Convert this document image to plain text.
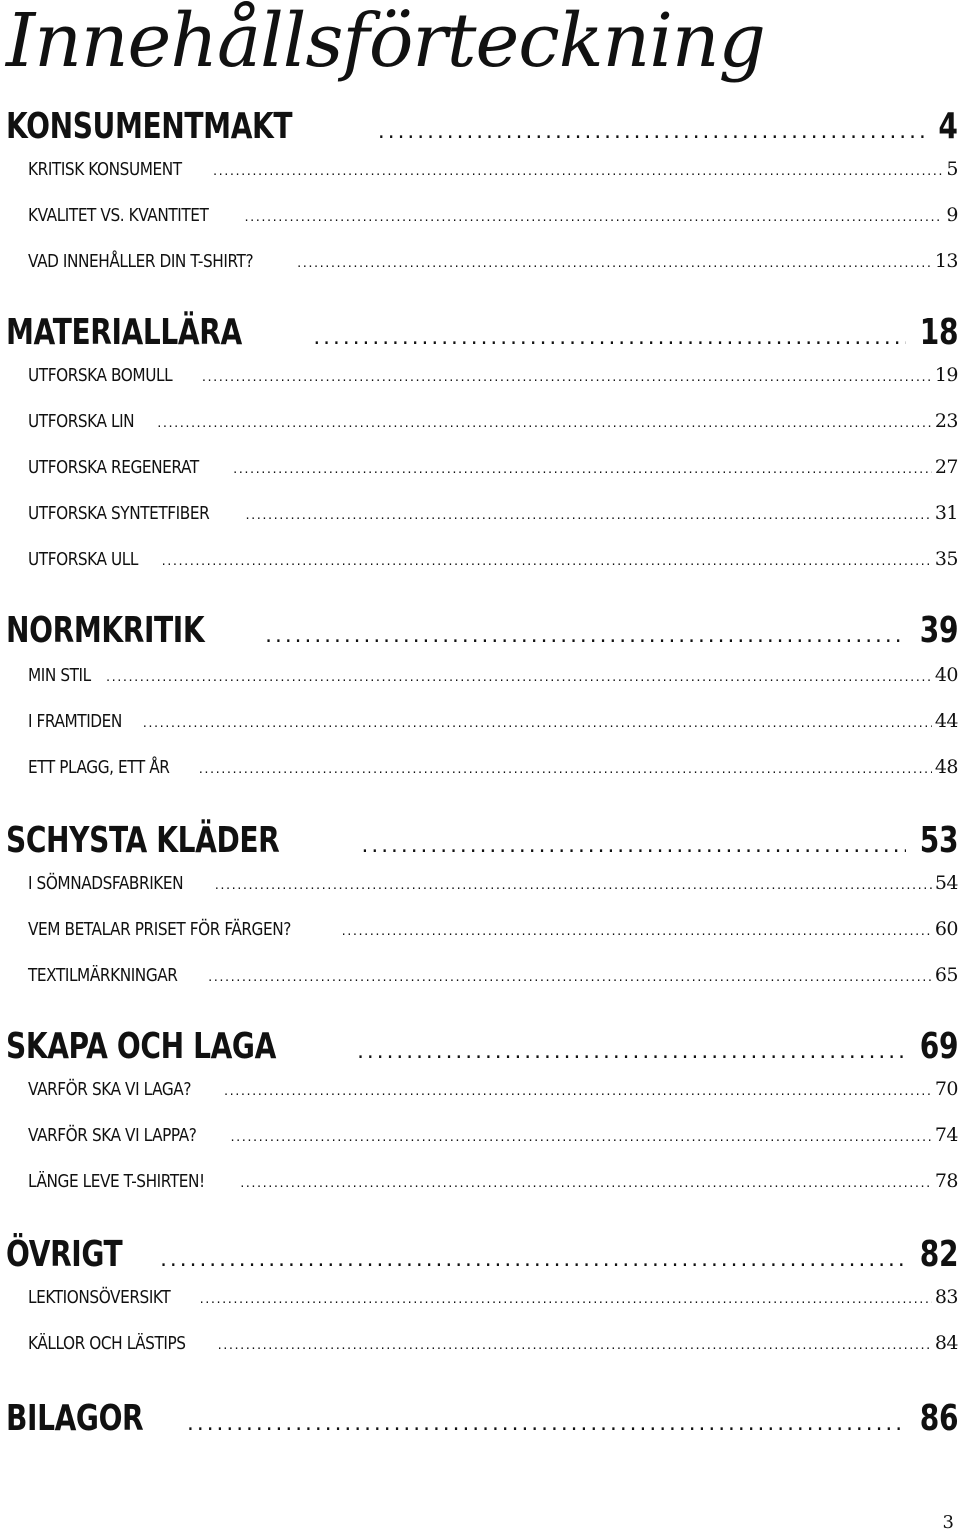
Innehållsförteckning
KONSUMENTMAKT .....	4
KRITISK KONSUMENT .....	5
KVALITET VS. KVANTITET .....	9
VAD INNEHÅLLER DIN T-SHIRT? .....	13
MATERIALLÄRA .....	18
UTFORSKA BOMULL .....	19
UTFORSKA LIN .....	23
UTFORSKA REGENERAT .....	27
UTFORSKA SYNTETFIBER .....	31
UTFORSKA ULL .....	35
NORMKRITIK .....	39
MIN STIL .....	40
I FRAMTIDEN .....	44
ETT PLAGG, ETT ÅR .....	48
SCHYSTA KLÄDER .....	53
I SÖMNADSFABRIKEN .....	54
VEM BETALAR PRISET FÖR FÄRGEN? .....	60
TEXTILMÄRKNINGAR .....	65
SKAPA OCH LAGA .....	69
VARFÖR SKA VI LAGA? .....	70
VARFÖR SKA VI LAPPA? .....	74
LÄNGE LEVE T-SHIRTEN! .....	78
ÖVRIGT .....	82
LEKTIONSÖVERSIKT .....	83
KÄLLOR OCH LÄSTIPS .....	84
BILAGOR .....	86
3
